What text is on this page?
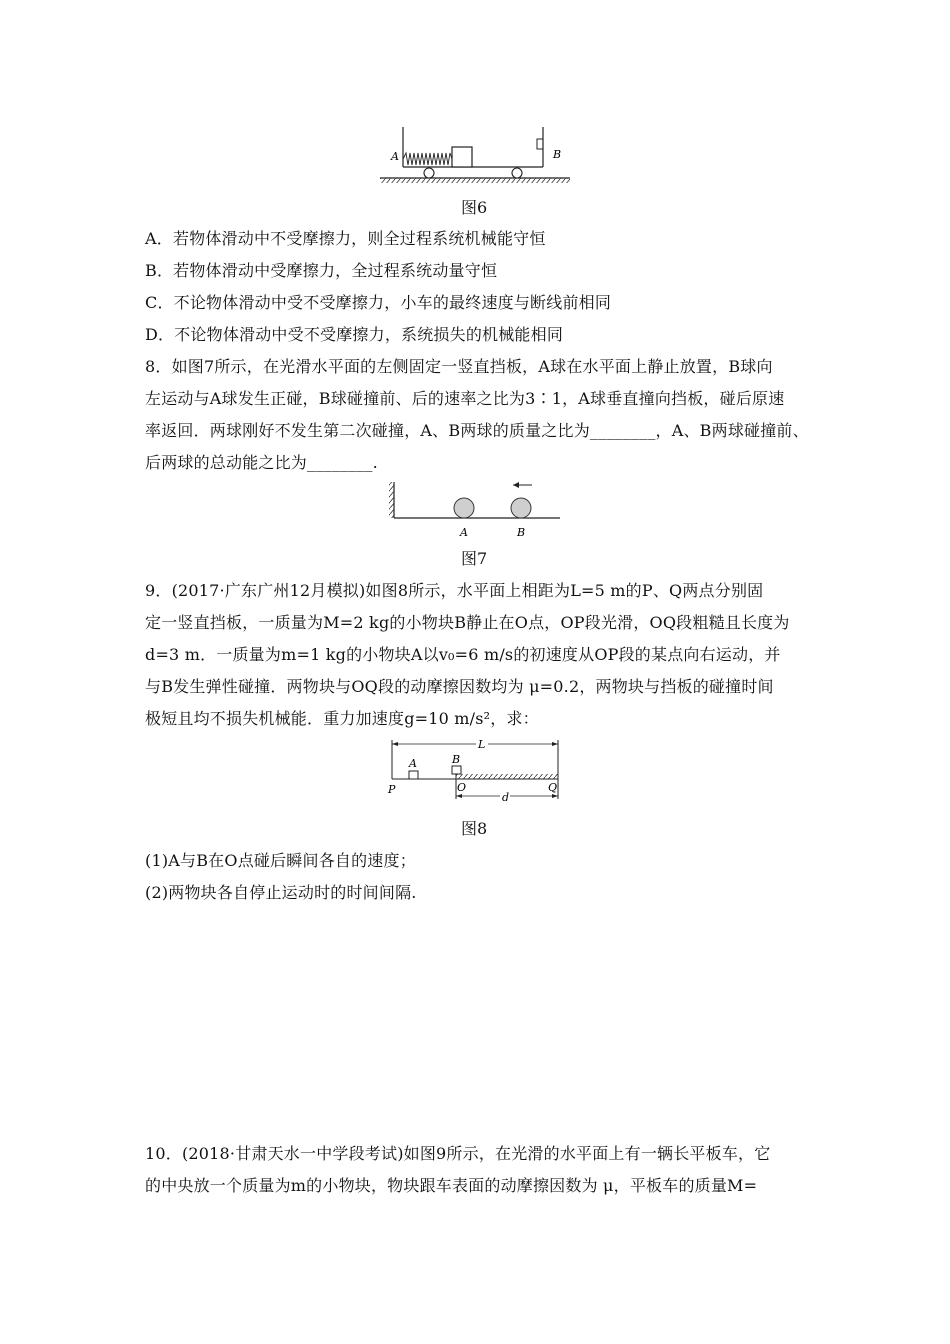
A	B
图6
A．若物体滑动中不受摩擦力，则全过程系统机械能守恒
B．若物体滑动中受摩擦力，全过程系统动量守恒
C．不论物体滑动中受不受摩擦力，小车的最终速度与断线前相同
D．不论物体滑动中受不受摩擦力，系统损失的机械能相同
8．如图7所示，在光滑水平面的左侧固定一竖直挡板，A球在水平面上静止放置，B球向
左运动与A球发生正碰，B球碰撞前、后的速率之比为3∶1，A球垂直撞向挡板，碰后原速
率返回．两球刚好不发生第二次碰撞，A、B两球的质量之比为________，A、B两球碰撞前、
后两球的总动能之比为________.
A	B
图7
9．(2017·广东广州12月模拟)如图8所示，水平面上相距为L=5 m的P、Q两点分别固
定一竖直挡板，一质量为M=2 kg的小物块B静止在O点，OP段光滑，OQ段粗糙且长度为
d=3 m．一质量为m=1 kg的小物块A以v₀=6 m/s的初速度从OP段的某点向右运动，并
与B发生弹性碰撞．两物块与OQ段的动摩擦因数均为 μ=0.2，两物块与挡板的碰撞时间
极短且均不损失机械能．重力加速度g=10 m/s²，求：
L
A	B
d
P	O	Q
图8
(1)A与B在O点碰后瞬间各自的速度；
(2)两物块各自停止运动时的时间间隔.
10．(2018·甘肃天水一中学段考试)如图9所示，在光滑的水平面上有一辆长平板车，它
的中央放一个质量为m的小物块，物块跟车表面的动摩擦因数为 μ，平板车的质量M=
